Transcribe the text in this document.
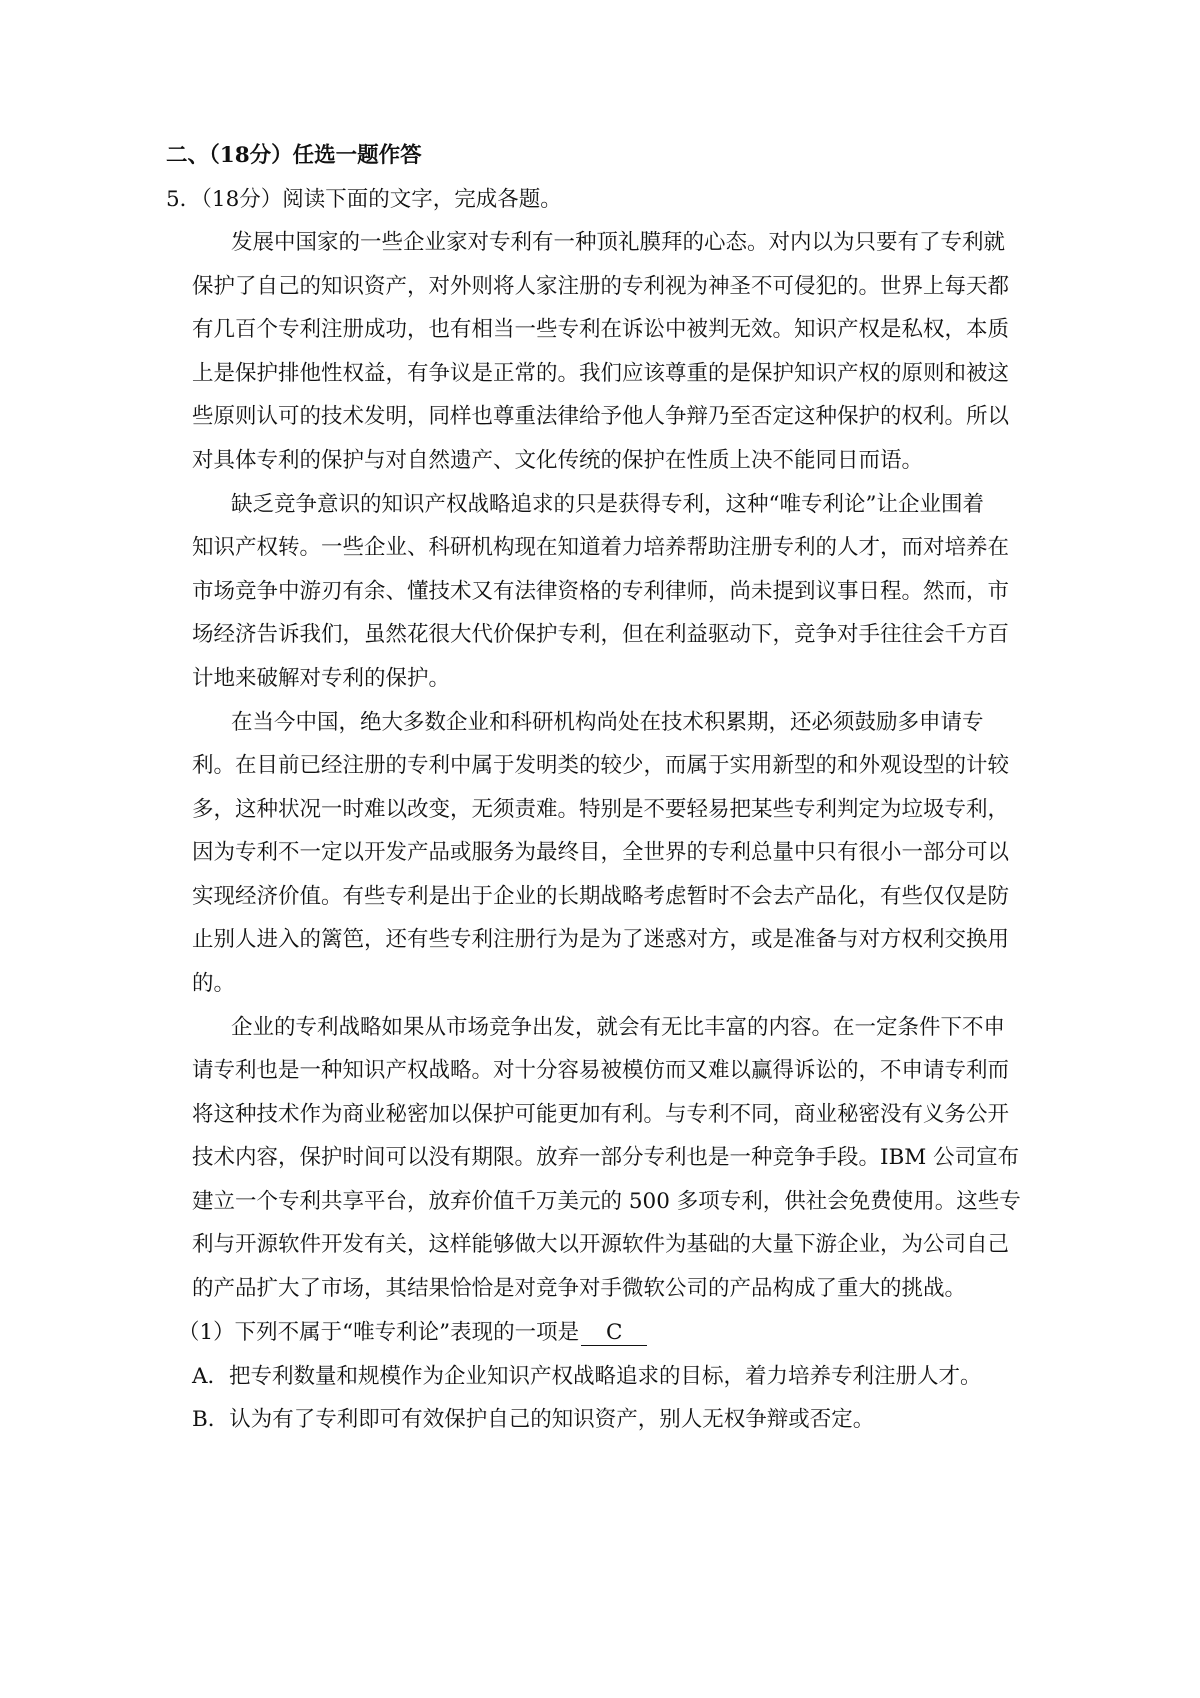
二、（18分）任选一题作答
5．（18分）阅读下面的文字，完成各题。
发展中国家的一些企业家对专利有一种顶礼膜拜的心态。对内以为只要有了专利就
保护了自己的知识资产，对外则将人家注册的专利视为神圣不可侵犯的。世界上每天都
有几百个专利注册成功，也有相当一些专利在诉讼中被判无效。知识产权是私权，本质
上是保护排他性权益，有争议是正常的。我们应该尊重的是保护知识产权的原则和被这
些原则认可的技术发明，同样也尊重法律给予他人争辩乃至否定这种保护的权利。所以
对具体专利的保护与对自然遗产、文化传统的保护在性质上决不能同日而语。
缺乏竞争意识的知识产权战略追求的只是获得专利，这种“唯专利论”让企业围着
知识产权转。一些企业、科研机构现在知道着力培养帮助注册专利的人才，而对培养在
市场竞争中游刃有余、懂技术又有法律资格的专利律师，尚未提到议事日程。然而，市
场经济告诉我们，虽然花很大代价保护专利，但在利益驱动下，竞争对手往往会千方百
计地来破解对专利的保护。
在当今中国，绝大多数企业和科研机构尚处在技术积累期，还必须鼓励多申请专
利。在目前已经注册的专利中属于发明类的较少，而属于实用新型的和外观设型的计较
多，这种状况一时难以改变，无须责难。特别是不要轻易把某些专利判定为垃圾专利，
因为专利不一定以开发产品或服务为最终目，全世界的专利总量中只有很小一部分可以
实现经济价值。有些专利是出于企业的长期战略考虑暂时不会去产品化，有些仅仅是防
止别人进入的篱笆，还有些专利注册行为是为了迷惑对方，或是准备与对方权利交换用
的。
企业的专利战略如果从市场竞争出发，就会有无比丰富的内容。在一定条件下不申
请专利也是一种知识产权战略。对十分容易被模仿而又难以赢得诉讼的，不申请专利而
将这种技术作为商业秘密加以保护可能更加有利。与专利不同，商业秘密没有义务公开
技术内容，保护时间可以没有期限。放弃一部分专利也是一种竞争手段。IBM 公司宣布
建立一个专利共享平台，放弃价值千万美元的 500 多项专利，供社会免费使用。这些专
利与开源软件开发有关，这样能够做大以开源软件为基础的大量下游企业，为公司自己
的产品扩大了市场，其结果恰恰是对竞争对手微软公司的产品构成了重大的挑战。
（1）下列不属于“唯专利论”表现的一项是 C
A．把专利数量和规模作为企业知识产权战略追求的目标，着力培养专利注册人才。
B．认为有了专利即可有效保护自己的知识资产，别人无权争辩或否定。
